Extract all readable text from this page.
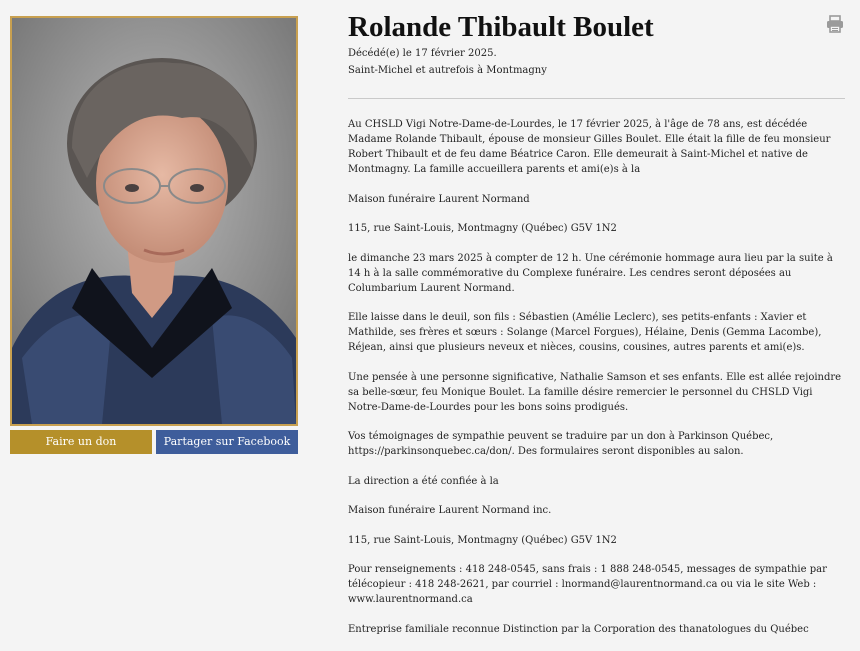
Faire un don	Partager sur Facebook
Rolande Thibault Boulet
Décédé(e) le 17 février 2025.
Saint-Michel et autrefois à Montmagny

Au CHSLD Vigi Notre-Dame-de-Lourdes, le 17 février 2025, à l'âge de 78 ans, est décédée Madame Rolande Thibault, épouse de monsieur Gilles Boulet. Elle était la fille de feu monsieur Robert Thibault et de feu dame Béatrice Caron. Elle demeurait à Saint-Michel et native de Montmagny. La famille accueillera parents et ami(e)s à la

Maison funéraire Laurent Normand

115, rue Saint-Louis, Montmagny (Québec) G5V 1N2

le dimanche 23 mars 2025 à compter de 12 h. Une cérémonie hommage aura lieu par la suite à 14 h à la salle commémorative du Complexe funéraire. Les cendres seront déposées au Columbarium Laurent Normand.

Elle laisse dans le deuil, son fils : Sébastien (Amélie Leclerc), ses petits-enfants : Xavier et Mathilde, ses frères et sœurs : Solange (Marcel Forgues), Hélaine, Denis (Gemma Lacombe), Réjean, ainsi que plusieurs neveux et nièces, cousins, cousines, autres parents et ami(e)s.

Une pensée à une personne significative, Nathalie Samson et ses enfants. Elle est allée rejoindre sa belle-sœur, feu Monique Boulet. La famille désire remercier le personnel du CHSLD Vigi Notre-Dame-de-Lourdes pour les bons soins prodigués.

Vos témoignages de sympathie peuvent se traduire par un don à Parkinson Québec, https://parkinsonquebec.ca/don/. Des formulaires seront disponibles au salon.

La direction a été confiée à la

Maison funéraire Laurent Normand inc.

115, rue Saint-Louis, Montmagny (Québec) G5V 1N2

Pour renseignements : 418 248-0545, sans frais : 1 888 248-0545, messages de sympathie par télécopieur : 418 248-2621, par courriel : lnormand@laurentnormand.ca ou via le site Web : www.laurentnormand.ca

Entreprise familiale reconnue Distinction par la Corporation des thanatologues du Québec
